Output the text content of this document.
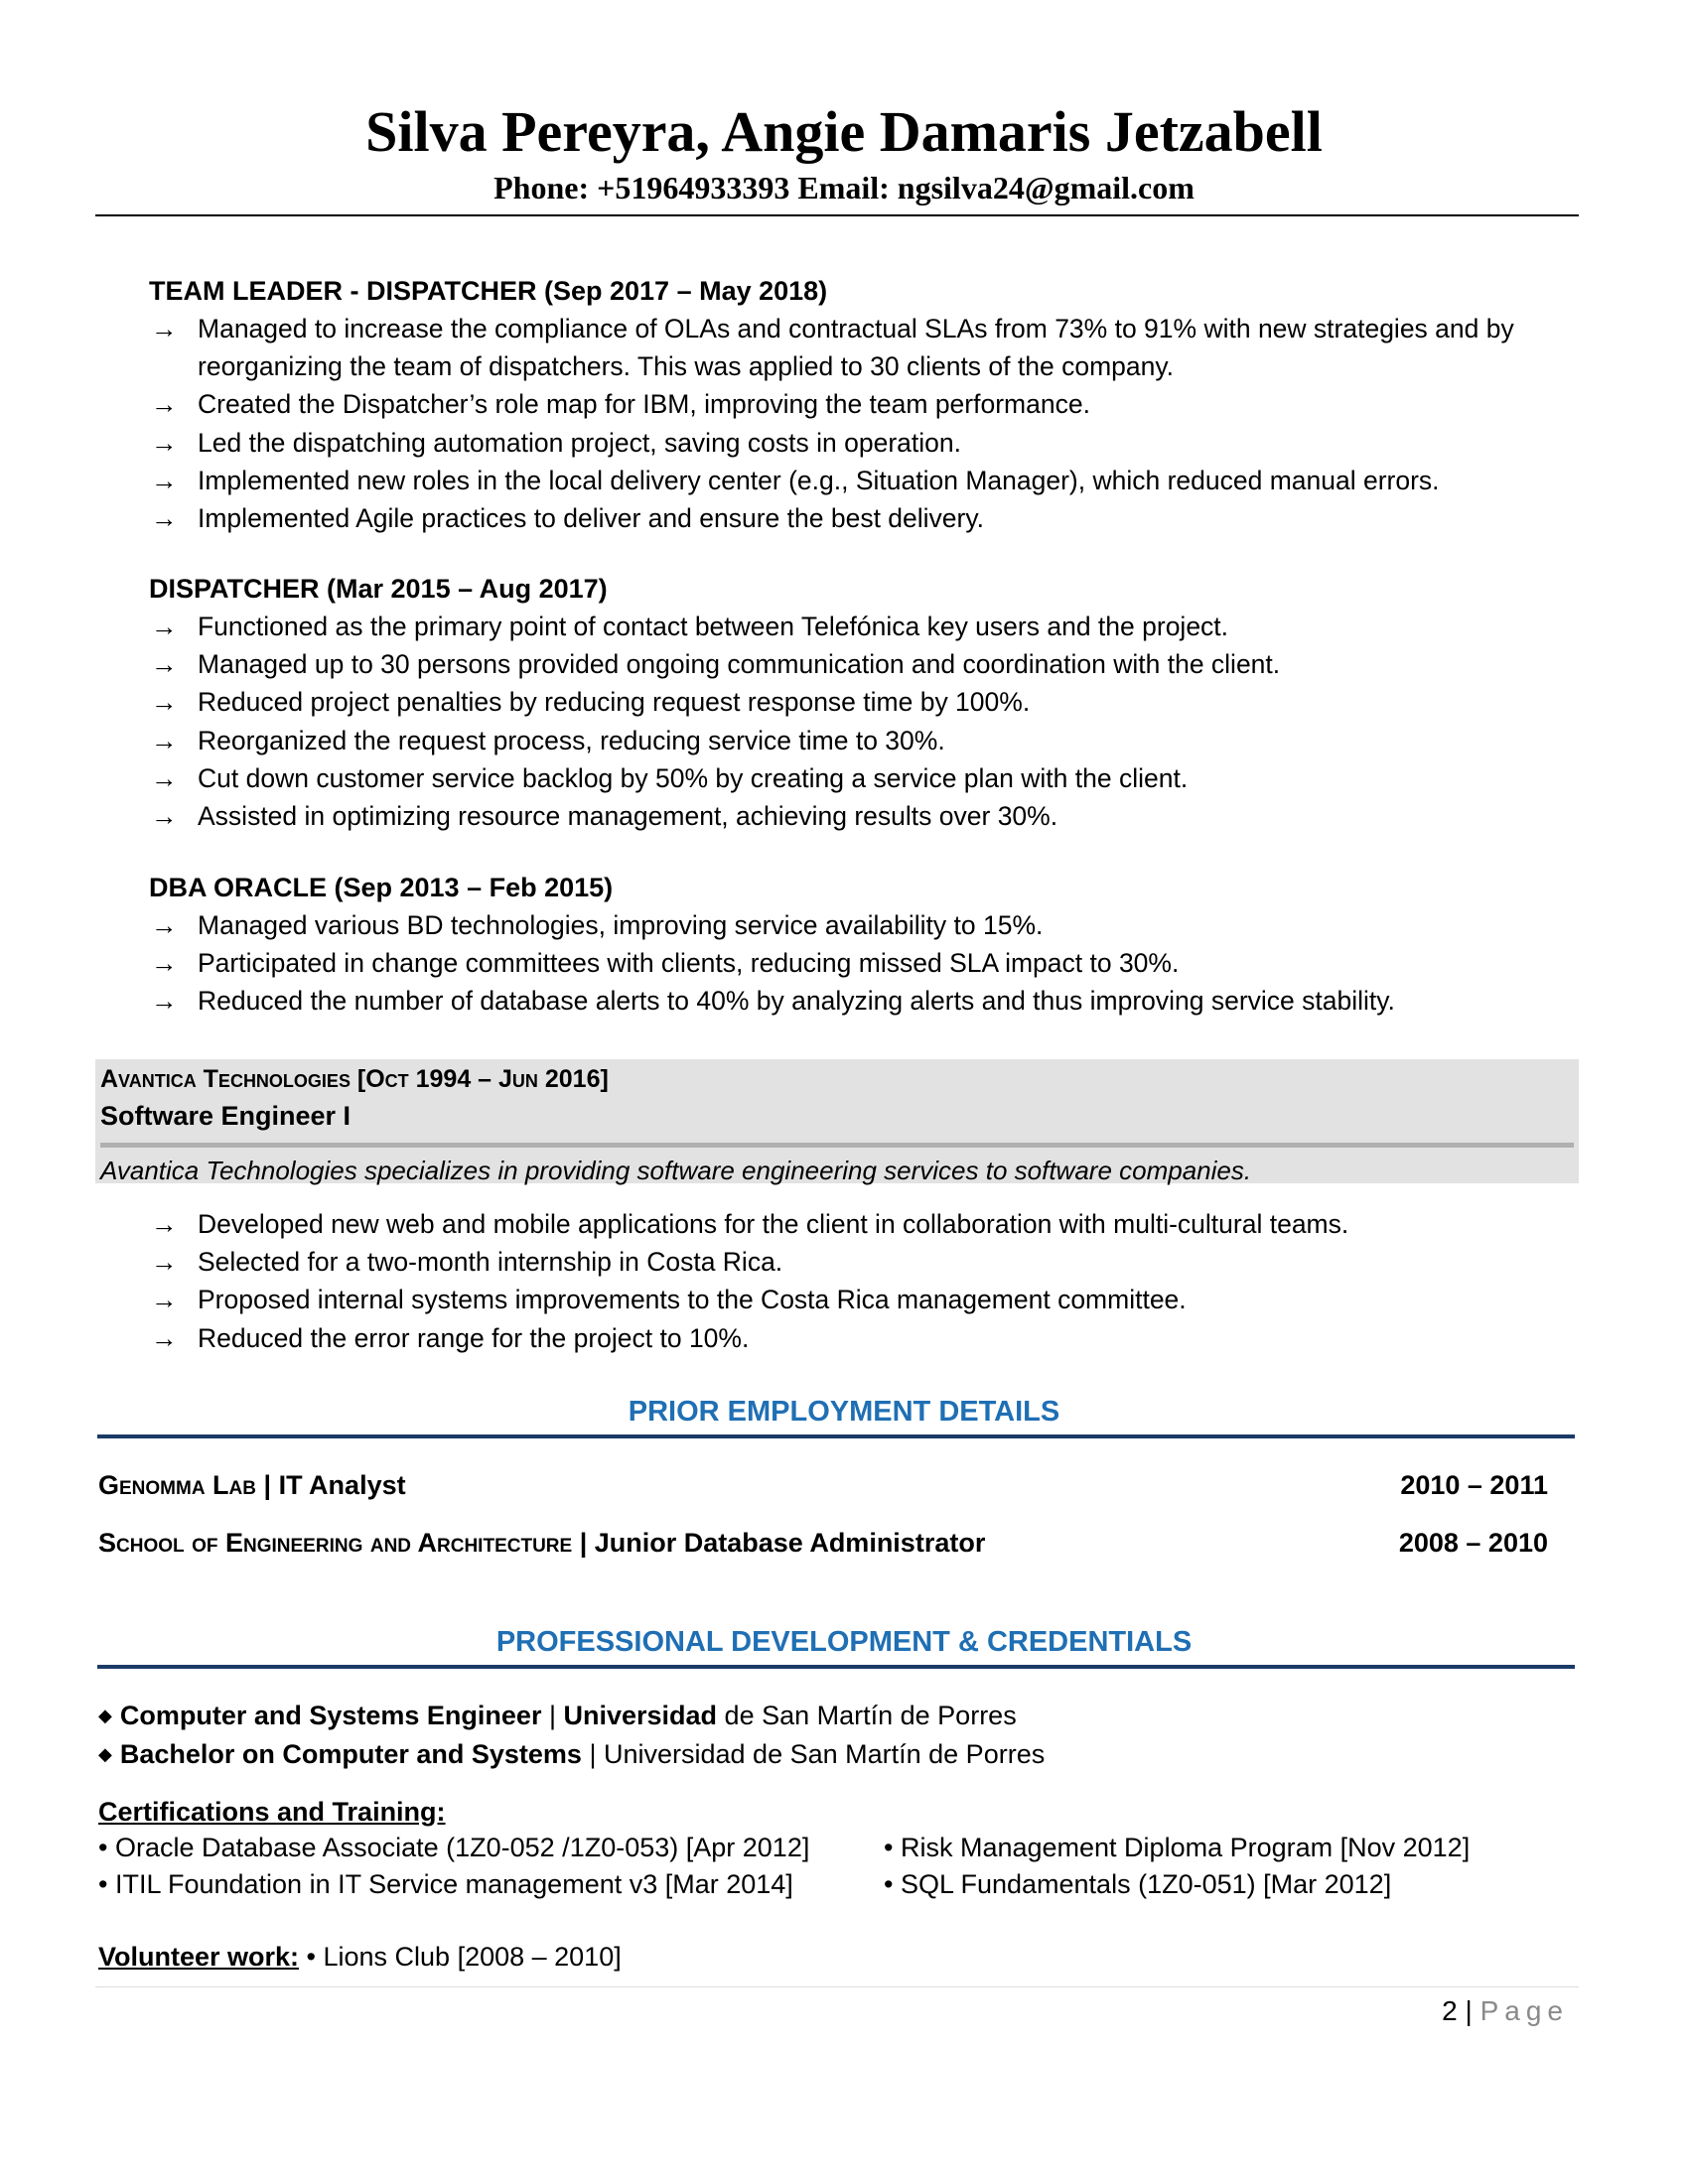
Silva Pereyra, Angie Damaris Jetzabell
Phone: +51964933393 Email: ngsilva24@gmail.com
TEAM LEADER - DISPATCHER (Sep 2017 – May 2018)
→ Managed to increase the compliance of OLAs and contractual SLAs from 73% to 91% with new strategies and by reorganizing the team of dispatchers. This was applied to 30 clients of the company.
→ Created the Dispatcher’s role map for IBM, improving the team performance.
→ Led the dispatching automation project, saving costs in operation.
→ Implemented new roles in the local delivery center (e.g., Situation Manager), which reduced manual errors.
→ Implemented Agile practices to deliver and ensure the best delivery.
DISPATCHER (Mar 2015 – Aug 2017)
→ Functioned as the primary point of contact between Telefónica key users and the project.
→ Managed up to 30 persons provided ongoing communication and coordination with the client.
→ Reduced project penalties by reducing request response time by 100%.
→ Reorganized the request process, reducing service time to 30%.
→ Cut down customer service backlog by 50% by creating a service plan with the client.
→ Assisted in optimizing resource management, achieving results over 30%.
DBA ORACLE (Sep 2013 – Feb 2015)
→ Managed various BD technologies, improving service availability to 15%.
→ Participated in change committees with clients, reducing missed SLA impact to 30%.
→ Reduced the number of database alerts to 40% by analyzing alerts and thus improving service stability.
Avantica Technologies [Oct 1994 – Jun 2016]
Software Engineer I
Avantica Technologies specializes in providing software engineering services to software companies.
→ Developed new web and mobile applications for the client in collaboration with multi-cultural teams.
→ Selected for a two-month internship in Costa Rica.
→ Proposed internal systems improvements to the Costa Rica management committee.
→ Reduced the error range for the project to 10%.
PRIOR EMPLOYMENT DETAILS
Genomma Lab | IT Analyst	2010 – 2011
School of Engineering and Architecture | Junior Database Administrator	2008 – 2010
PROFESSIONAL DEVELOPMENT & CREDENTIALS
◆ Computer and Systems Engineer | Universidad de San Martín de Porres
◆ Bachelor on Computer and Systems | Universidad de San Martín de Porres
Certifications and Training:
• Oracle Database Associate (1Z0-052 /1Z0-053) [Apr 2012]	• Risk Management Diploma Program [Nov 2012]
• ITIL Foundation in IT Service management v3 [Mar 2014]	• SQL Fundamentals (1Z0-051) [Mar 2012]
Volunteer work: • Lions Club [2008 – 2010]
2 | Page
